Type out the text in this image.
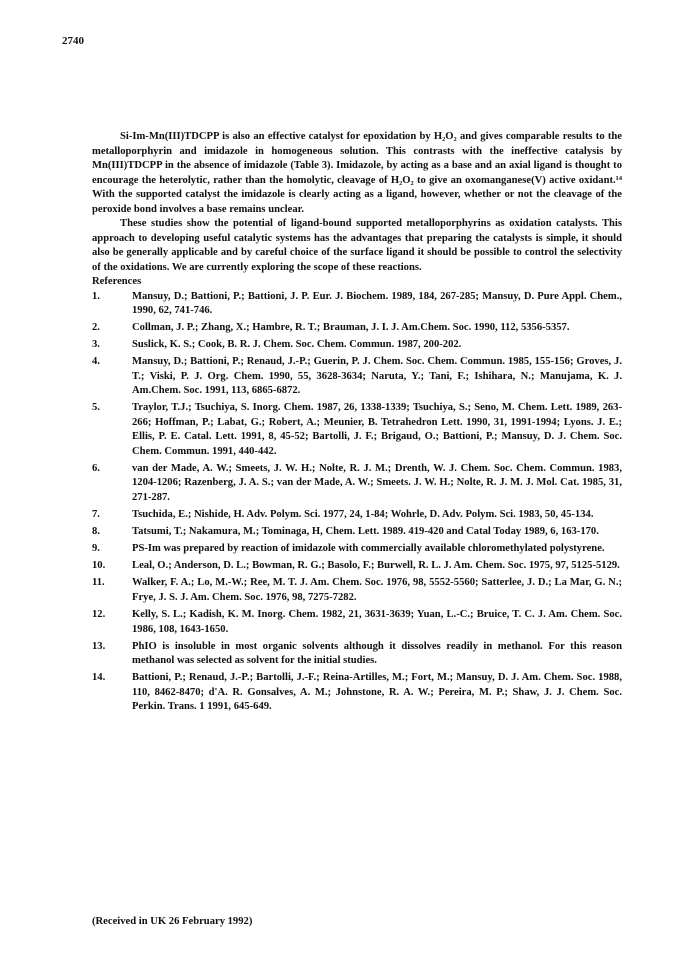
2740

Si-Im-Mn(III)TDCPP is also an effective catalyst for epoxidation by H₂O₂ and gives comparable results to the metalloporphyrin and imidazole in homogeneous solution. This contrasts with the ineffective catalysis by Mn(III)TDCPP in the absence of imidazole (Table 3). Imidazole, by acting as a base and an axial ligand is thought to encourage the heterolytic, rather than the homolytic, cleavage of H₂O₂ to give an oxomanganese(V) active oxidant.¹⁴ With the supported catalyst the imidazole is clearly acting as a ligand, however, whether or not the cleavage of the peroxide bond involves a base remains unclear.

These studies show the potential of ligand-bound supported metalloporphyrins as oxidation catalysts. This approach to developing useful catalytic systems has the advantages that preparing the catalysts is simple, it should also be generally applicable and by careful choice of the surface ligand it should be possible to control the selectivity of the oxidations. We are currently exploring the scope of these reactions.

References
1.	Mansuy, D.; Battioni, P.; Battioni, J. P. Eur. J. Biochem. 1989, 184, 267-285; Mansuy, D. Pure Appl. Chem., 1990, 62, 741-746.
2.	Collman, J. P.; Zhang, X.; Hambre, R. T.; Brauman, J. I. J. Am.Chem. Soc. 1990, 112, 5356-5357.
3.	Suslick, K. S.; Cook, B. R. J. Chem. Soc. Chem. Commun. 1987, 200-202.
4.	Mansuy, D.; Battioni, P.; Renaud, J.-P.; Guerin, P. J. Chem. Soc. Chem. Commun. 1985, 155-156; Groves, J. T.; Viski, P. J. Org. Chem. 1990, 55, 3628-3634; Naruta, Y.; Tani, F.; Ishihara, N.; Manujama, K. J. Am.Chem. Soc. 1991, 113, 6865-6872.
5.	Traylor, T.J.; Tsuchiya, S. Inorg. Chem. 1987, 26, 1338-1339; Tsuchiya, S.; Seno, M. Chem. Lett. 1989, 263-266; Hoffman, P.; Labat, G.; Robert, A.; Meunier, B. Tetrahedron Lett. 1990, 31, 1991-1994; Lyons. J. E.; Ellis, P. E. Catal. Lett. 1991, 8, 45-52; Bartolli, J. F.; Brigaud, O.; Battioni, P.; Mansuy, D. J. Chem. Soc. Chem. Commun. 1991, 440-442.
6.	van der Made, A. W.; Smeets, J. W. H.; Nolte, R. J. M.; Drenth, W. J. Chem. Soc. Chem. Commun. 1983, 1204-1206; Razenberg, J. A. S.; van der Made, A. W.; Smeets. J. W. H.; Nolte, R. J. M. J. Mol. Cat. 1985, 31, 271-287.
7.	Tsuchida, E.; Nishide, H. Adv. Polym. Sci. 1977, 24, 1-84; Wohrle, D. Adv. Polym. Sci. 1983, 50, 45-134.
8.	Tatsumi, T.; Nakamura, M.; Tominaga, H, Chem. Lett. 1989. 419-420 and Catal Today 1989, 6, 163-170.
9.	PS-Im was prepared by reaction of imidazole with commercially available chloromethylated polystyrene.
10.	Leal, O.; Anderson, D. L.; Bowman, R. G.; Basolo, F.; Burwell, R. L. J. Am. Chem. Soc. 1975, 97, 5125-5129.
11.	Walker, F. A.; Lo, M.-W.; Ree, M. T. J. Am. Chem. Soc. 1976, 98, 5552-5560; Satterlee, J. D.; La Mar, G. N.; Frye, J. S. J. Am. Chem. Soc. 1976, 98, 7275-7282.
12.	Kelly, S. L.; Kadish, K. M. Inorg. Chem. 1982, 21, 3631-3639; Yuan, L.-C.; Bruice, T. C. J. Am. Chem. Soc. 1986, 108, 1643-1650.
13.	PhIO is insoluble in most organic solvents although it dissolves readily in methanol. For this reason methanol was selected as solvent for the initial studies.
14.	Battioni, P.; Renaud, J.-P.; Bartolli, J.-F.; Reina-Artilles, M.; Fort, M.; Mansuy, D. J. Am. Chem. Soc. 1988, 110, 8462-8470; d'A. R. Gonsalves, A. M.; Johnstone, R. A. W.; Pereira, M. P.; Shaw, J. J. Chem. Soc. Perkin. Trans. 1 1991, 645-649.
(Received in UK 26 February 1992)
